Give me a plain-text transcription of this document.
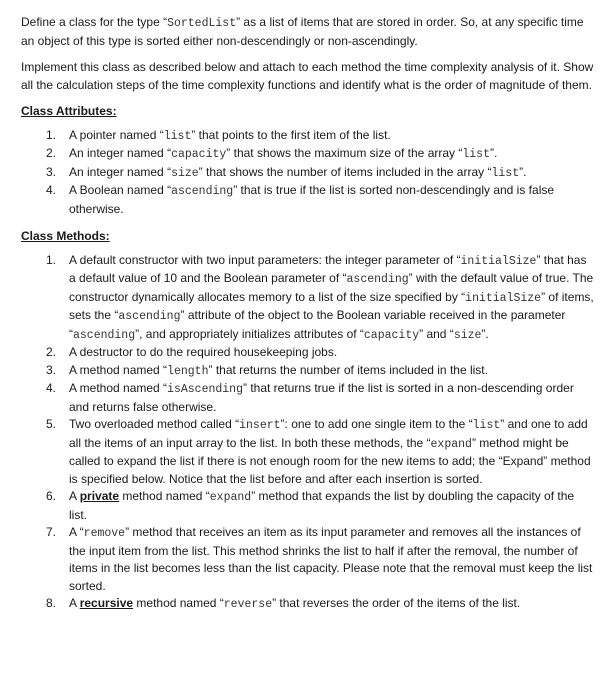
Define a class for the type “SortedList” as a list of items that are stored in order. So, at any specific time an object of this type is sorted either non-descendingly or non-ascendingly.

Implement this class as described below and attach to each method the time complexity analysis of it. Show all the calculation steps of the time complexity functions and identify what is the order of magnitude of them.

Class Attributes:

1. A pointer named “list” that points to the first item of the list.
2. An integer named “capacity” that shows the maximum size of the array “list”.
3. An integer named “size” that shows the number of items included in the array “list”.
4. A Boolean named “ascending” that is true if the list is sorted non-descendingly and is false otherwise.

Class Methods:

1. A default constructor with two input parameters: the integer parameter of “initialSize” that has a default value of 10 and the Boolean parameter of “ascending” with the default value of true. The constructor dynamically allocates memory to a list of the size specified by “initialSize” of items, sets the “ascending” attribute of the object to the Boolean variable received in the parameter “ascending”, and appropriately initializes attributes of “capacity” and “size”.
2. A destructor to do the required housekeeping jobs.
3. A method named “length” that returns the number of items included in the list.
4. A method named “isAscending” that returns true if the list is sorted in a non-descending order and returns false otherwise.
5. Two overloaded method called “insert”: one to add one single item to the “list” and one to add all the items of an input array to the list. In both these methods, the “expand” method might be called to expand the list if there is not enough room for the new items to add; the “Expand” method is specified below. Notice that the list before and after each insertion is sorted.
6. A private method named “expand” method that expands the list by doubling the capacity of the list.
7. A “remove” method that receives an item as its input parameter and removes all the instances of the input item from the list. This method shrinks the list to half if after the removal, the number of items in the list becomes less than the list capacity. Please note that the removal must keep the list sorted.
8. A recursive method named “reverse” that reverses the order of the items of the list.
